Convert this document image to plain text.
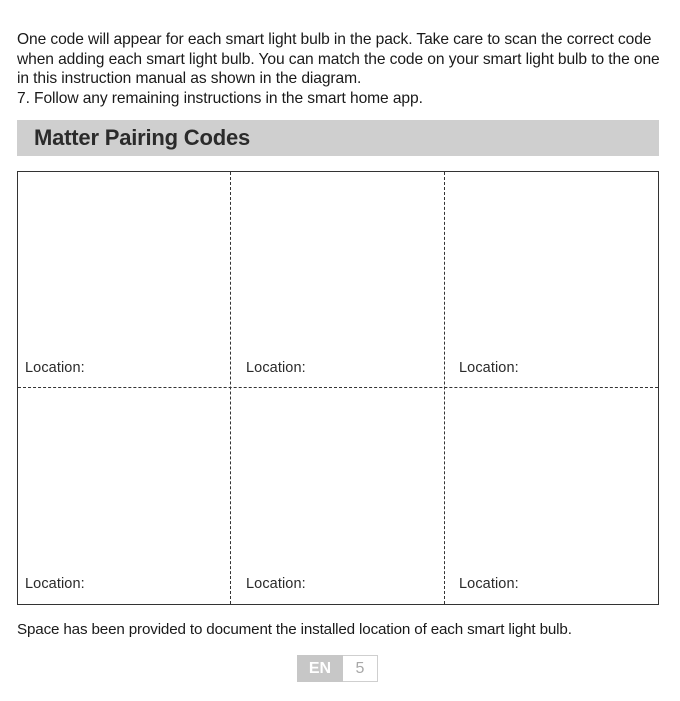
One code will appear for each smart light bulb in the pack. Take care to scan the correct code when adding each smart light bulb. You can match the code on your smart light bulb to the one in this instruction manual as shown in the diagram.

7. Follow any remaining instructions in the smart home app.

Matter Pairing Codes
Location:	Location:	Location:
Location:	Location:	Location:
Space has been provided to document the installed location of each smart light bulb.
EN	5
